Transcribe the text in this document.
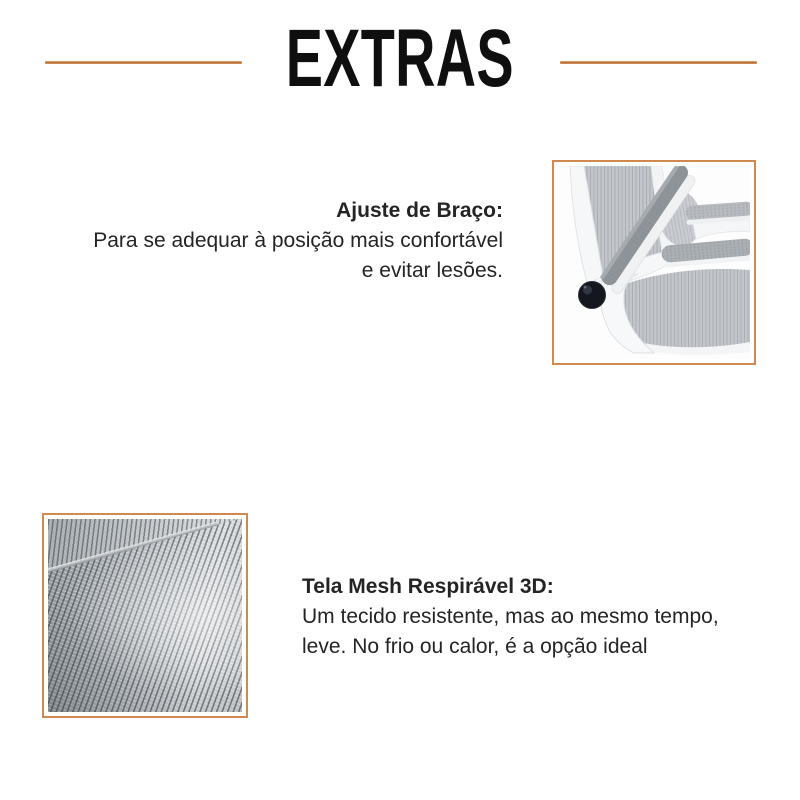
EXTRAS
Ajuste de Braço:
Para se adequar à posição mais confortável
e evitar lesões.
Tela Mesh Respirável 3D:
Um tecido resistente, mas ao mesmo tempo,
leve. No frio ou calor, é a opção ideal
